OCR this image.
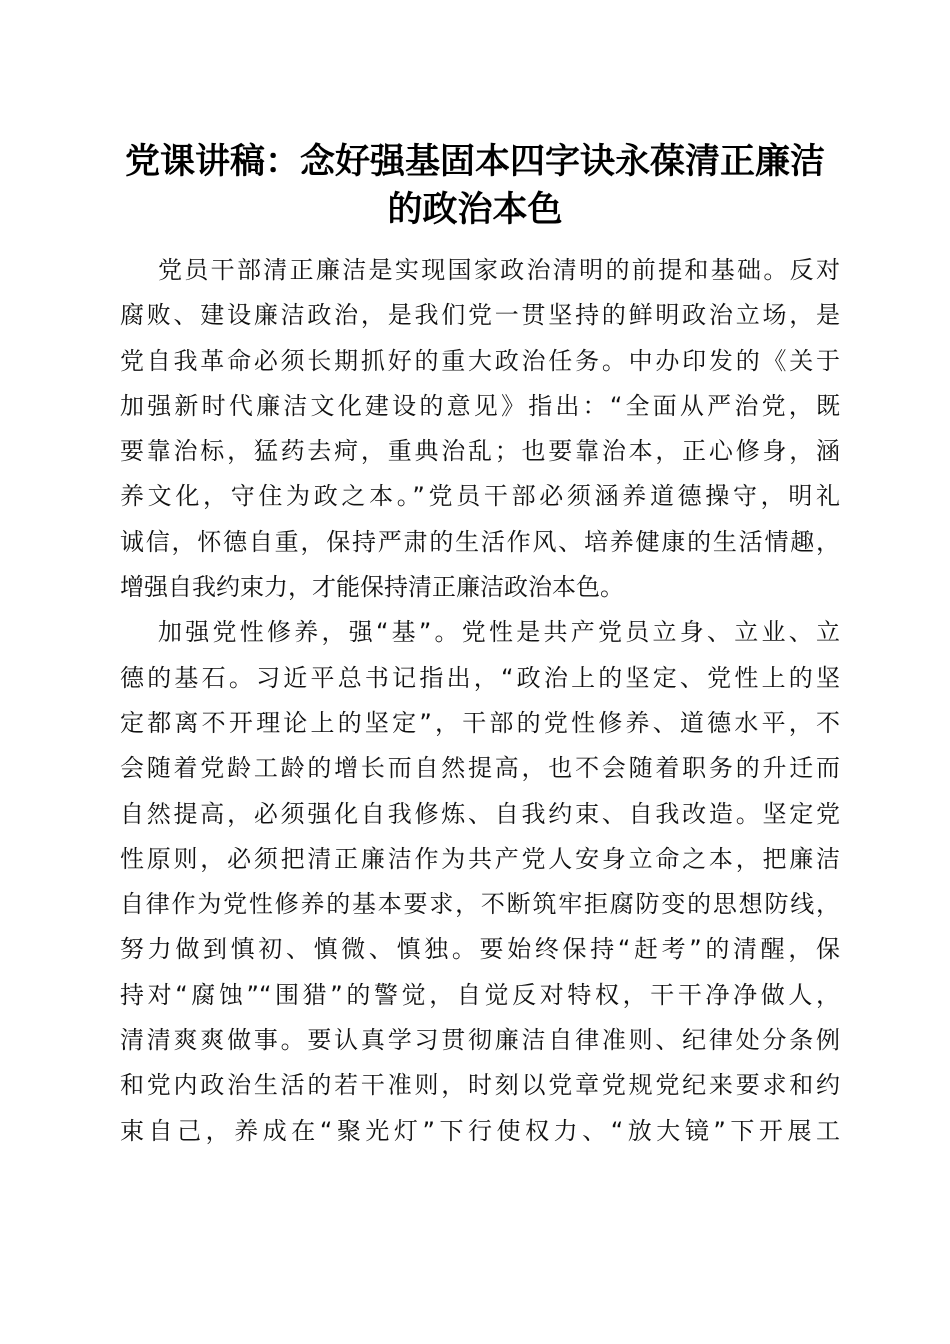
党课讲稿：念好强基固本四字诀永葆清正廉洁
的政治本色
党员干部清正廉洁是实现国家政治清明的前提和基础。反对
腐败、建设廉洁政治，是我们党一贯坚持的鲜明政治立场，是
党自我革命必须长期抓好的重大政治任务。中办印发的《关于
加强新时代廉洁文化建设的意见》指出：“全面从严治党，既
要靠治标，猛药去疴，重典治乱；也要靠治本，正心修身，涵
养文化，守住为政之本。”党员干部必须涵养道德操守，明礼
诚信，怀德自重，保持严肃的生活作风、培养健康的生活情趣，
增强自我约束力，才能保持清正廉洁政治本色。
加强党性修养，强“基”。党性是共产党员立身、立业、立
德的基石。习近平总书记指出，“政治上的坚定、党性上的坚
定都离不开理论上的坚定”，干部的党性修养、道德水平，不
会随着党龄工龄的增长而自然提高，也不会随着职务的升迁而
自然提高，必须强化自我修炼、自我约束、自我改造。坚定党
性原则，必须把清正廉洁作为共产党人安身立命之本，把廉洁
自律作为党性修养的基本要求，不断筑牢拒腐防变的思想防线，
努力做到慎初、慎微、慎独。要始终保持“赶考”的清醒，保
持对“腐蚀”“围猎”的警觉，自觉反对特权，干干净净做人，
清清爽爽做事。要认真学习贯彻廉洁自律准则、纪律处分条例
和党内政治生活的若干准则，时刻以党章党规党纪来要求和约
束自己，养成在“聚光灯”下行使权力、“放大镜”下开展工
